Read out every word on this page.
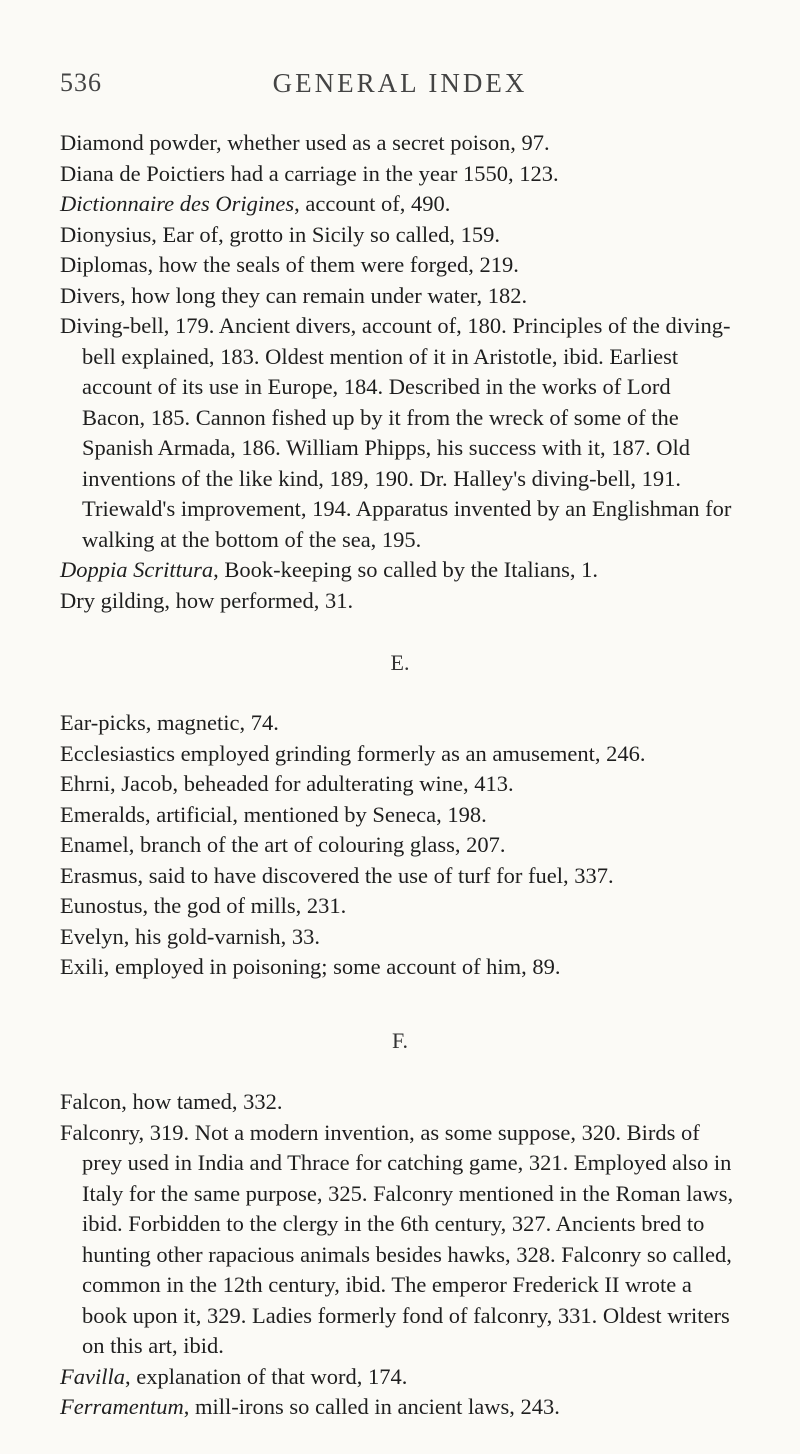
536	GENERAL INDEX
Diamond powder, whether used as a secret poison, 97.
Diana de Poictiers had a carriage in the year 1550, 123.
Dictionnaire des Origines, account of, 490.
Dionysius, Ear of, grotto in Sicily so called, 159.
Diplomas, how the seals of them were forged, 219.
Divers, how long they can remain under water, 182.
Diving-bell, 179. Ancient divers, account of, 180. Principles of the diving-bell explained, 183. Oldest mention of it in Aristotle, ibid. Earliest account of its use in Europe, 184. Described in the works of Lord Bacon, 185. Cannon fished up by it from the wreck of some of the Spanish Armada, 186. William Phipps, his success with it, 187. Old inventions of the like kind, 189, 190. Dr. Halley's diving-bell, 191. Triewald's improvement, 194. Apparatus invented by an Englishman for walking at the bottom of the sea, 195.
Doppia Scrittura, Book-keeping so called by the Italians, 1.
Dry gilding, how performed, 31.
E.
Ear-picks, magnetic, 74.
Ecclesiastics employed grinding formerly as an amusement, 246.
Ehrni, Jacob, beheaded for adulterating wine, 413.
Emeralds, artificial, mentioned by Seneca, 198.
Enamel, branch of the art of colouring glass, 207.
Erasmus, said to have discovered the use of turf for fuel, 337.
Eunostus, the god of mills, 231.
Evelyn, his gold-varnish, 33.
Exili, employed in poisoning; some account of him, 89.
F.
Falcon, how tamed, 332.
Falconry, 319. Not a modern invention, as some suppose, 320. Birds of prey used in India and Thrace for catching game, 321. Employed also in Italy for the same purpose, 325. Falconry mentioned in the Roman laws, ibid. Forbidden to the clergy in the 6th century, 327. Ancients bred to hunting other rapacious animals besides hawks, 328. Falconry so called, common in the 12th century, ibid. The emperor Frederick II wrote a book upon it, 329. Ladies formerly fond of falconry, 331. Oldest writers on this art, ibid.
Favilla, explanation of that word, 174.
Ferramentum, mill-irons so called in ancient laws, 243.
